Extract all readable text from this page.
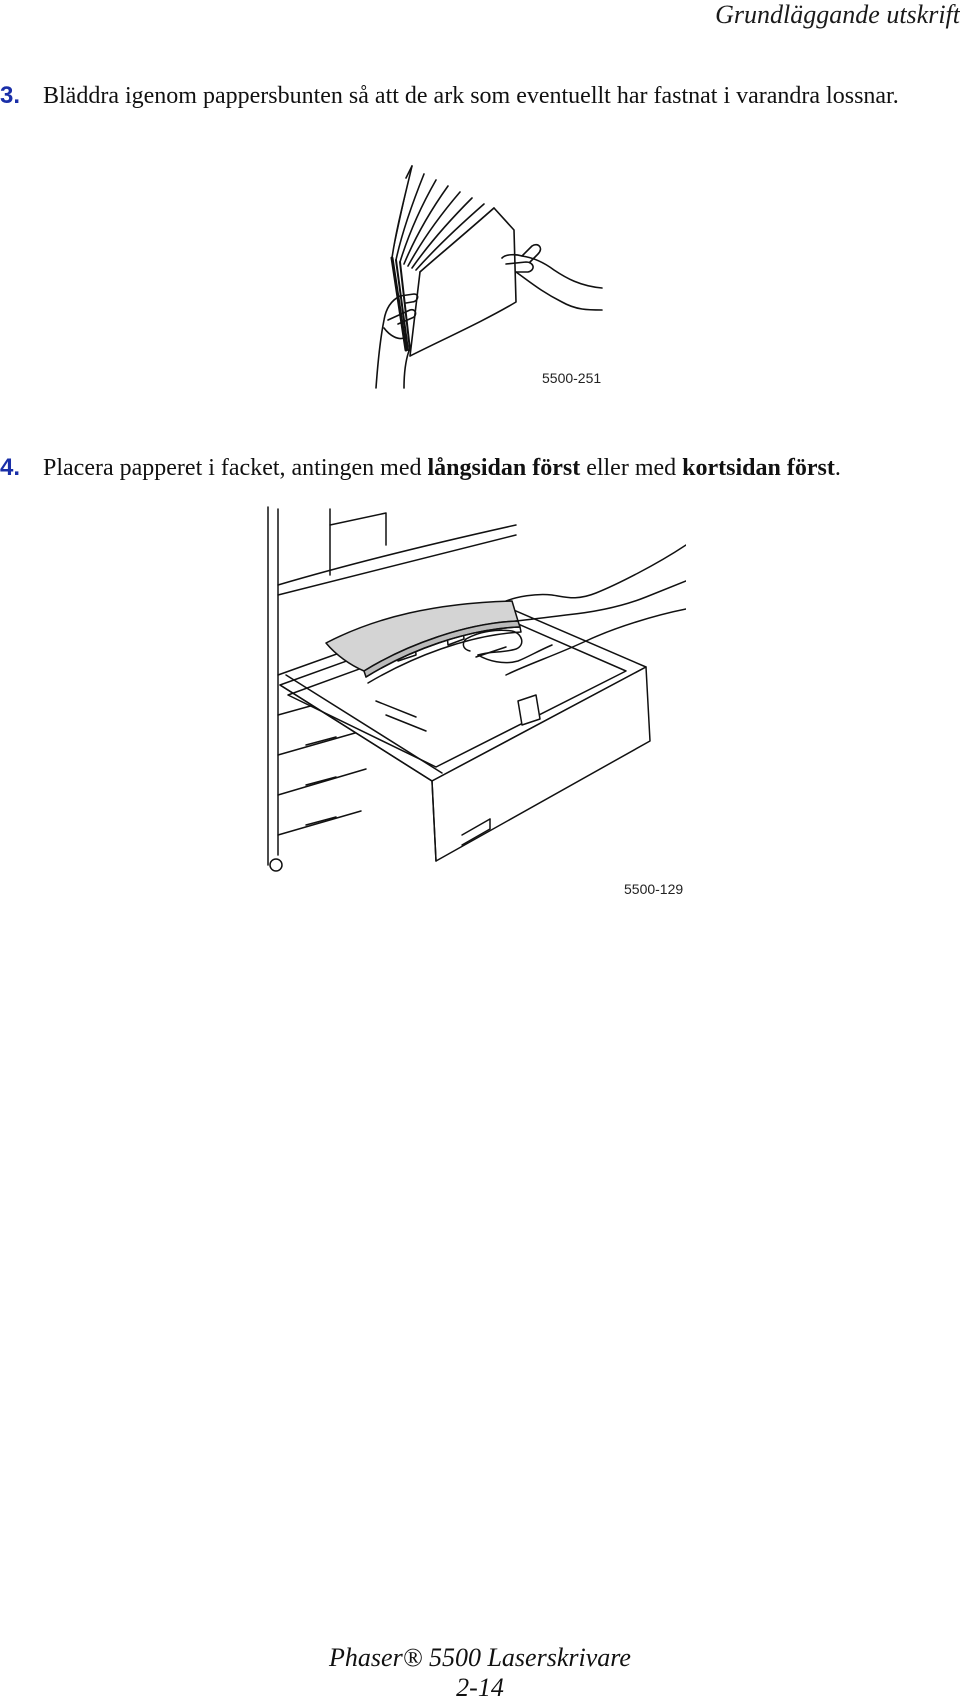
Grundläggande utskrift
3. Bläddra igenom pappersbunten så att de ark som eventuellt har fastnat i varandra lossnar.
5500-251
4. Placera papperet i facket, antingen med långsidan först eller med kortsidan först.
5500-129
Phaser® 5500 Laserskrivare
2-14
